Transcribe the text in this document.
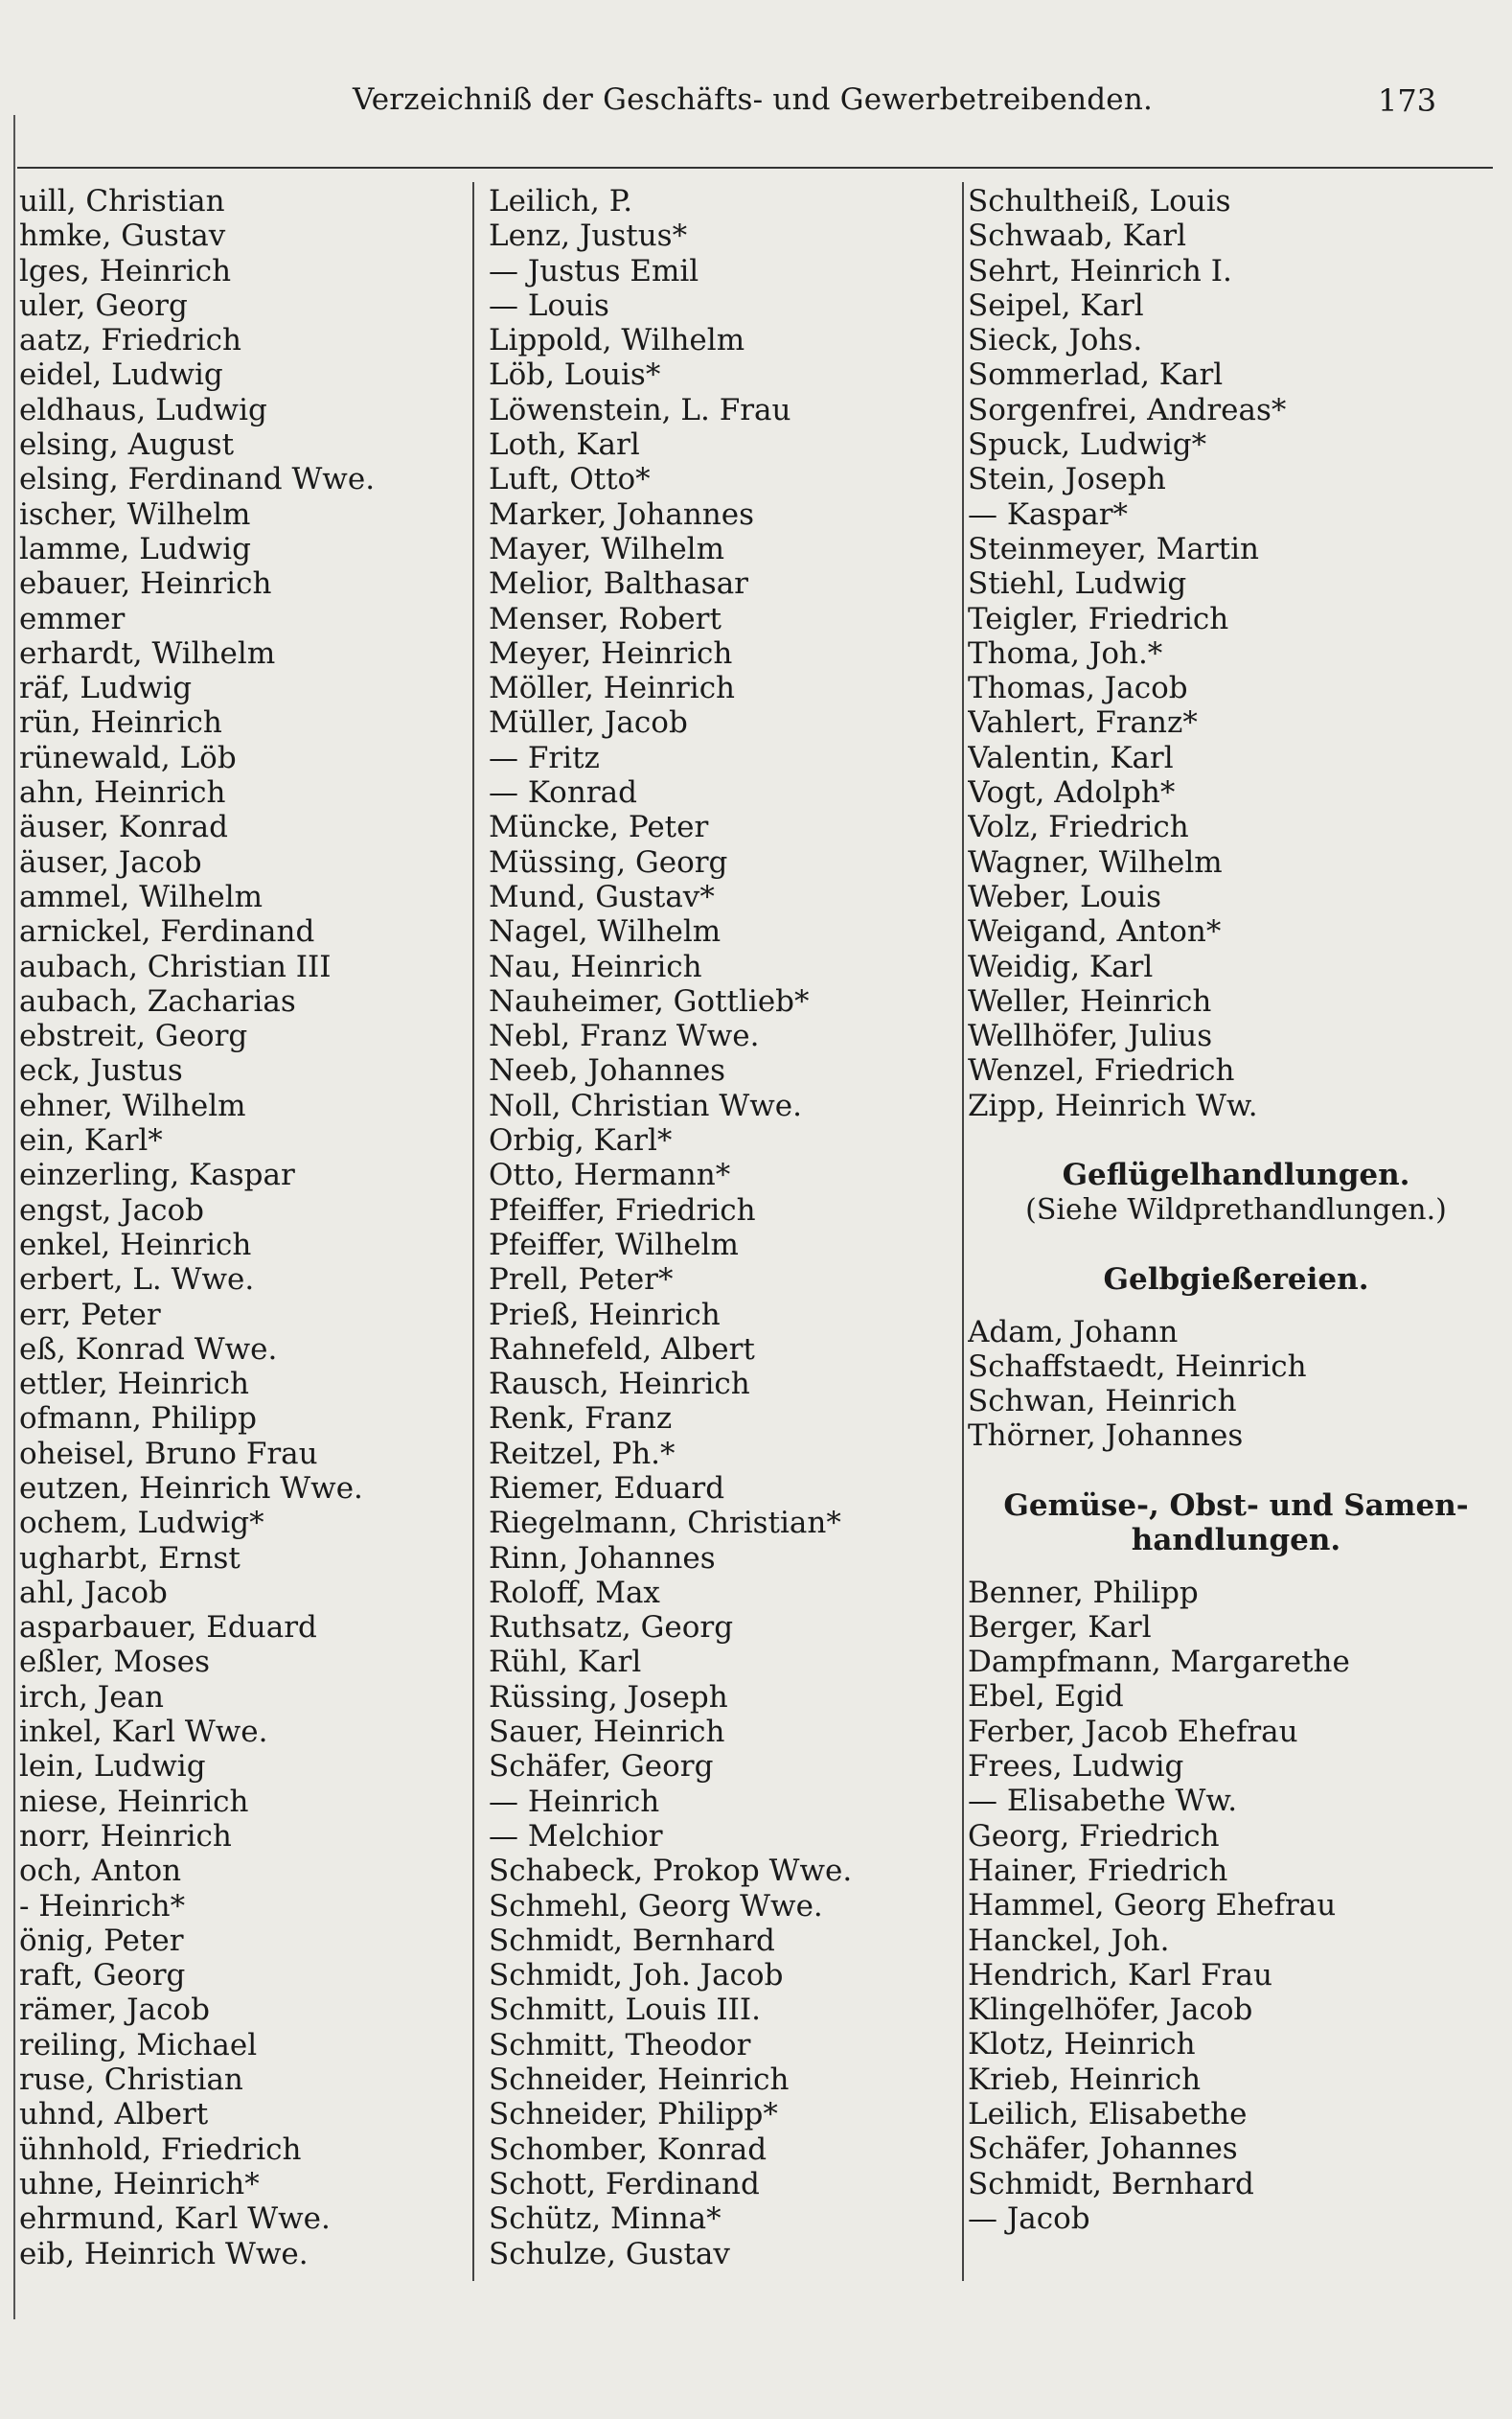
Verzeichniß der Geschäfts- und Gewerbetreibenden.	173
uill, Christian
hmke, Gustav
lges, Heinrich
uler, Georg
aatz, Friedrich
eidel, Ludwig
eldhaus, Ludwig
elsing, August
elsing, Ferdinand Wwe.
ischer, Wilhelm
lamme, Ludwig
ebauer, Heinrich
emmer
erhardt, Wilhelm
räf, Ludwig
rün, Heinrich
rünewald, Löb
ahn, Heinrich
äuser, Konrad
äuser, Jacob
ammel, Wilhelm
arnickel, Ferdinand
aubach, Christian III
aubach, Zacharias
ebstreit, Georg
eck, Justus
ehner, Wilhelm
ein, Karl*
einzerling, Kaspar
engst, Jacob
enkel, Heinrich
erbert, L. Wwe.
err, Peter
eß, Konrad Wwe.
ettler, Heinrich
ofmann, Philipp
oheisel, Bruno Frau
eutzen, Heinrich Wwe.
ochem, Ludwig*
ugharbt, Ernst
ahl, Jacob
asparbauer, Eduard
eßler, Moses
irch, Jean
inkel, Karl Wwe.
lein, Ludwig
niese, Heinrich
norr, Heinrich
och, Anton
- Heinrich*
önig, Peter
raft, Georg
rämer, Jacob
reiling, Michael
ruse, Christian
uhnd, Albert
ühnhold, Friedrich
uhne, Heinrich*
ehrmund, Karl Wwe.
eib, Heinrich Wwe.
Leilich, P.
Lenz, Justus*
— Justus Emil
— Louis
Lippold, Wilhelm
Löb, Louis*
Löwenstein, L. Frau
Loth, Karl
Luft, Otto*
Marker, Johannes
Mayer, Wilhelm
Melior, Balthasar
Menser, Robert
Meyer, Heinrich
Möller, Heinrich
Müller, Jacob
— Fritz
— Konrad
Müncke, Peter
Müssing, Georg
Mund, Gustav*
Nagel, Wilhelm
Nau, Heinrich
Nauheimer, Gottlieb*
Nebl, Franz Wwe.
Neeb, Johannes
Noll, Christian Wwe.
Orbig, Karl*
Otto, Hermann*
Pfeiffer, Friedrich
Pfeiffer, Wilhelm
Prell, Peter*
Prieß, Heinrich
Rahnefeld, Albert
Rausch, Heinrich
Renk, Franz
Reitzel, Ph.*
Riemer, Eduard
Riegelmann, Christian*
Rinn, Johannes
Roloff, Max
Ruthsatz, Georg
Rühl, Karl
Rüssing, Joseph
Sauer, Heinrich
Schäfer, Georg
— Heinrich
— Melchior
Schabeck, Prokop Wwe.
Schmehl, Georg Wwe.
Schmidt, Bernhard
Schmidt, Joh. Jacob
Schmitt, Louis III.
Schmitt, Theodor
Schneider, Heinrich
Schneider, Philipp*
Schomber, Konrad
Schott, Ferdinand
Schütz, Minna*
Schulze, Gustav
Schultheiß, Louis
Schwaab, Karl
Sehrt, Heinrich I.
Seipel, Karl
Sieck, Johs.
Sommerlad, Karl
Sorgenfrei, Andreas*
Spuck, Ludwig*
Stein, Joseph
— Kaspar*
Steinmeyer, Martin
Stiehl, Ludwig
Teigler, Friedrich
Thoma, Joh.*
Thomas, Jacob
Vahlert, Franz*
Valentin, Karl
Vogt, Adolph*
Volz, Friedrich
Wagner, Wilhelm
Weber, Louis
Weigand, Anton*
Weidig, Karl
Weller, Heinrich
Wellhöfer, Julius
Wenzel, Friedrich
Zipp, Heinrich Ww.
Geflügelhandlungen.
(Siehe Wildprethandlungen.)
Gelbgießereien.
Adam, Johann
Schaffstaedt, Heinrich
Schwan, Heinrich
Thörner, Johannes
Gemüse-, Obst- und Samen-
handlungen.
Benner, Philipp
Berger, Karl
Dampfmann, Margarethe
Ebel, Egid
Ferber, Jacob Ehefrau
Frees, Ludwig
— Elisabethe Ww.
Georg, Friedrich
Hainer, Friedrich
Hammel, Georg Ehefrau
Hanckel, Joh.
Hendrich, Karl Frau
Klingelhöfer, Jacob
Klotz, Heinrich
Krieb, Heinrich
Leilich, Elisabethe
Schäfer, Johannes
Schmidt, Bernhard
— Jacob
